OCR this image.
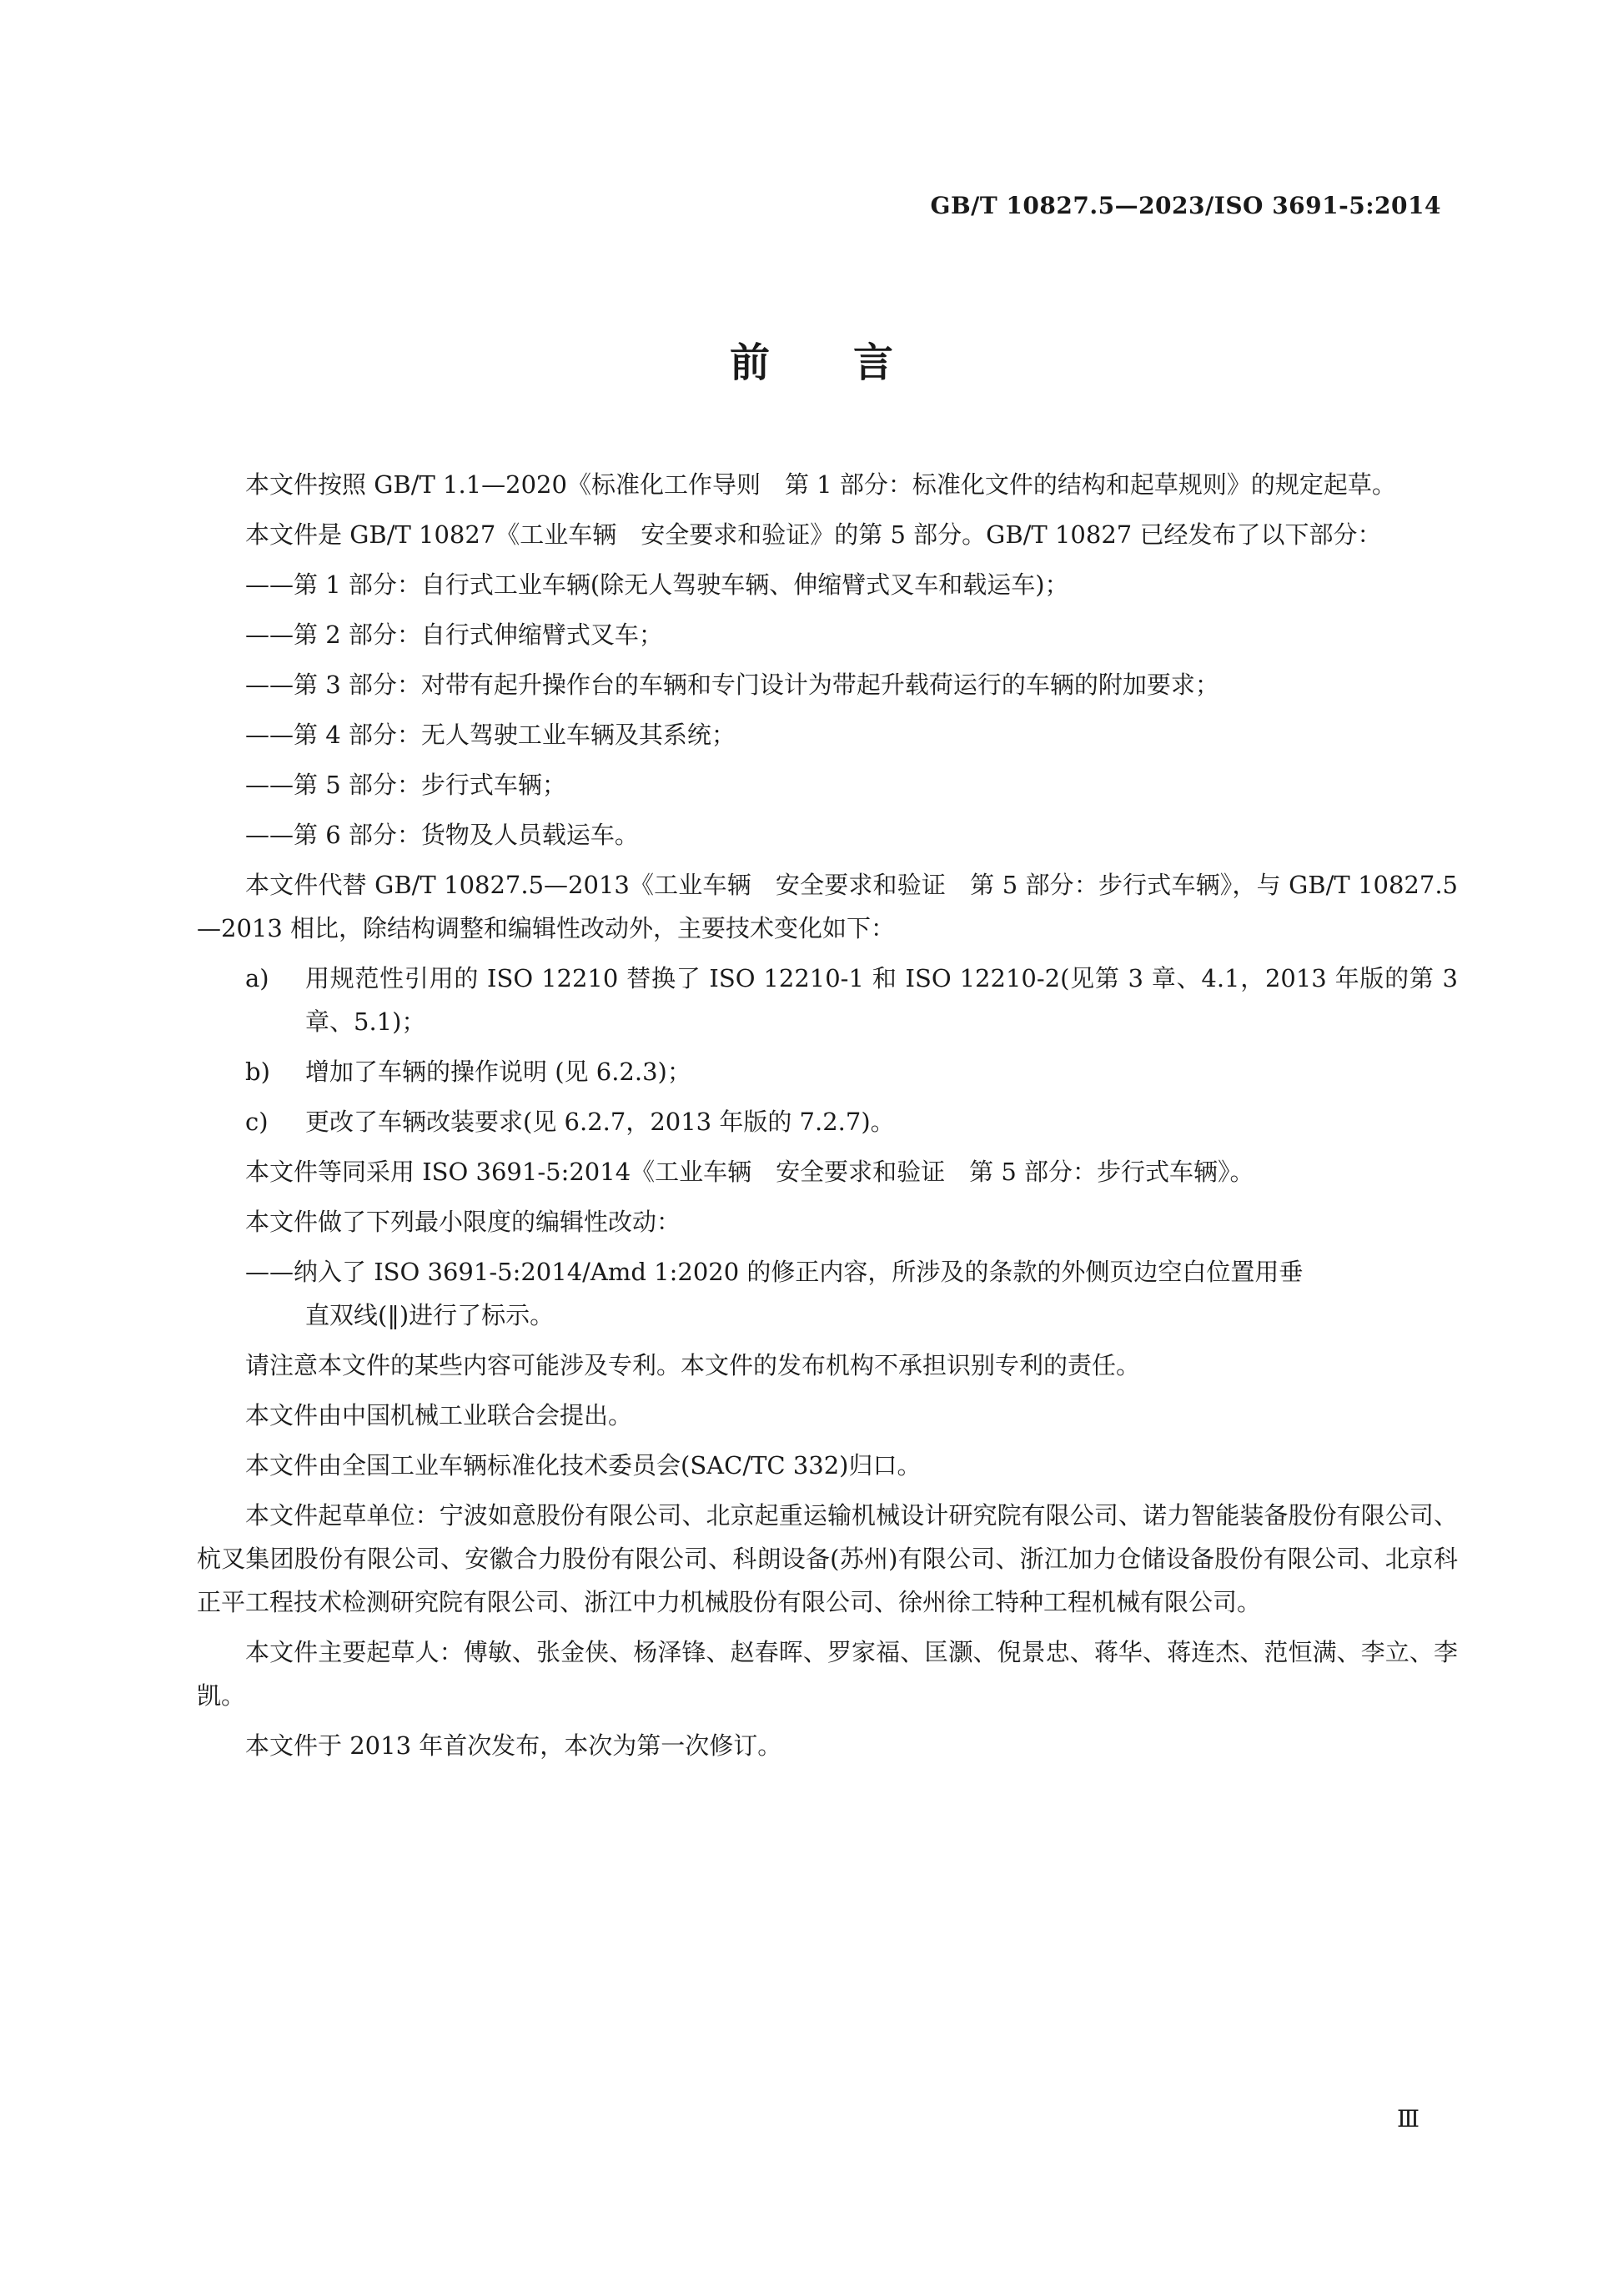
GB/T 10827.5—2023/ISO 3691-5:2014
前 言

本文件按照 GB/T 1.1—2020《标准化工作导则　第 1 部分：标准化文件的结构和起草规则》的规定起草。

本文件是 GB/T 10827《工业车辆　安全要求和验证》的第 5 部分。GB/T 10827 已经发布了以下部分：

——第 1 部分：自行式工业车辆(除无人驾驶车辆、伸缩臂式叉车和载运车)；
——第 2 部分：自行式伸缩臂式叉车；
——第 3 部分：对带有起升操作台的车辆和专门设计为带起升载荷运行的车辆的附加要求；
——第 4 部分：无人驾驶工业车辆及其系统；
——第 5 部分：步行式车辆；
——第 6 部分：货物及人员载运车。

本文件代替 GB/T 10827.5—2013《工业车辆　安全要求和验证　第 5 部分：步行式车辆》，与 GB/T 10827.5—2013 相比，除结构调整和编辑性改动外，主要技术变化如下：

a)	用规范性引用的 ISO 12210 替换了 ISO 12210-1 和 ISO 12210-2(见第 3 章、4.1，2013 年版的第 3 章、5.1)；
b)	增加了车辆的操作说明 (见 6.2.3)；
c)	更改了车辆改装要求(见 6.2.7，2013 年版的 7.2.7)。

本文件等同采用 ISO 3691-5:2014《工业车辆　安全要求和验证　第 5 部分：步行式车辆》。

本文件做了下列最小限度的编辑性改动：

——纳入了 ISO 3691-5:2014/Amd 1:2020 的修正内容，所涉及的条款的外侧页边空白位置用垂
直双线(‖)进行了标示。

请注意本文件的某些内容可能涉及专利。本文件的发布机构不承担识别专利的责任。

本文件由中国机械工业联合会提出。

本文件由全国工业车辆标准化技术委员会(SAC/TC 332)归口。

本文件起草单位：宁波如意股份有限公司、北京起重运输机械设计研究院有限公司、诺力智能装备股份有限公司、杭叉集团股份有限公司、安徽合力股份有限公司、科朗设备(苏州)有限公司、浙江加力仓储设备股份有限公司、北京科正平工程技术检测研究院有限公司、浙江中力机械股份有限公司、徐州徐工特种工程机械有限公司。

本文件主要起草人：傅敏、张金侠、杨泽锋、赵春晖、罗家福、匡灏、倪景忠、蒋华、蒋连杰、范恒满、李立、李凯。

本文件于 2013 年首次发布，本次为第一次修订。

Ⅲ
